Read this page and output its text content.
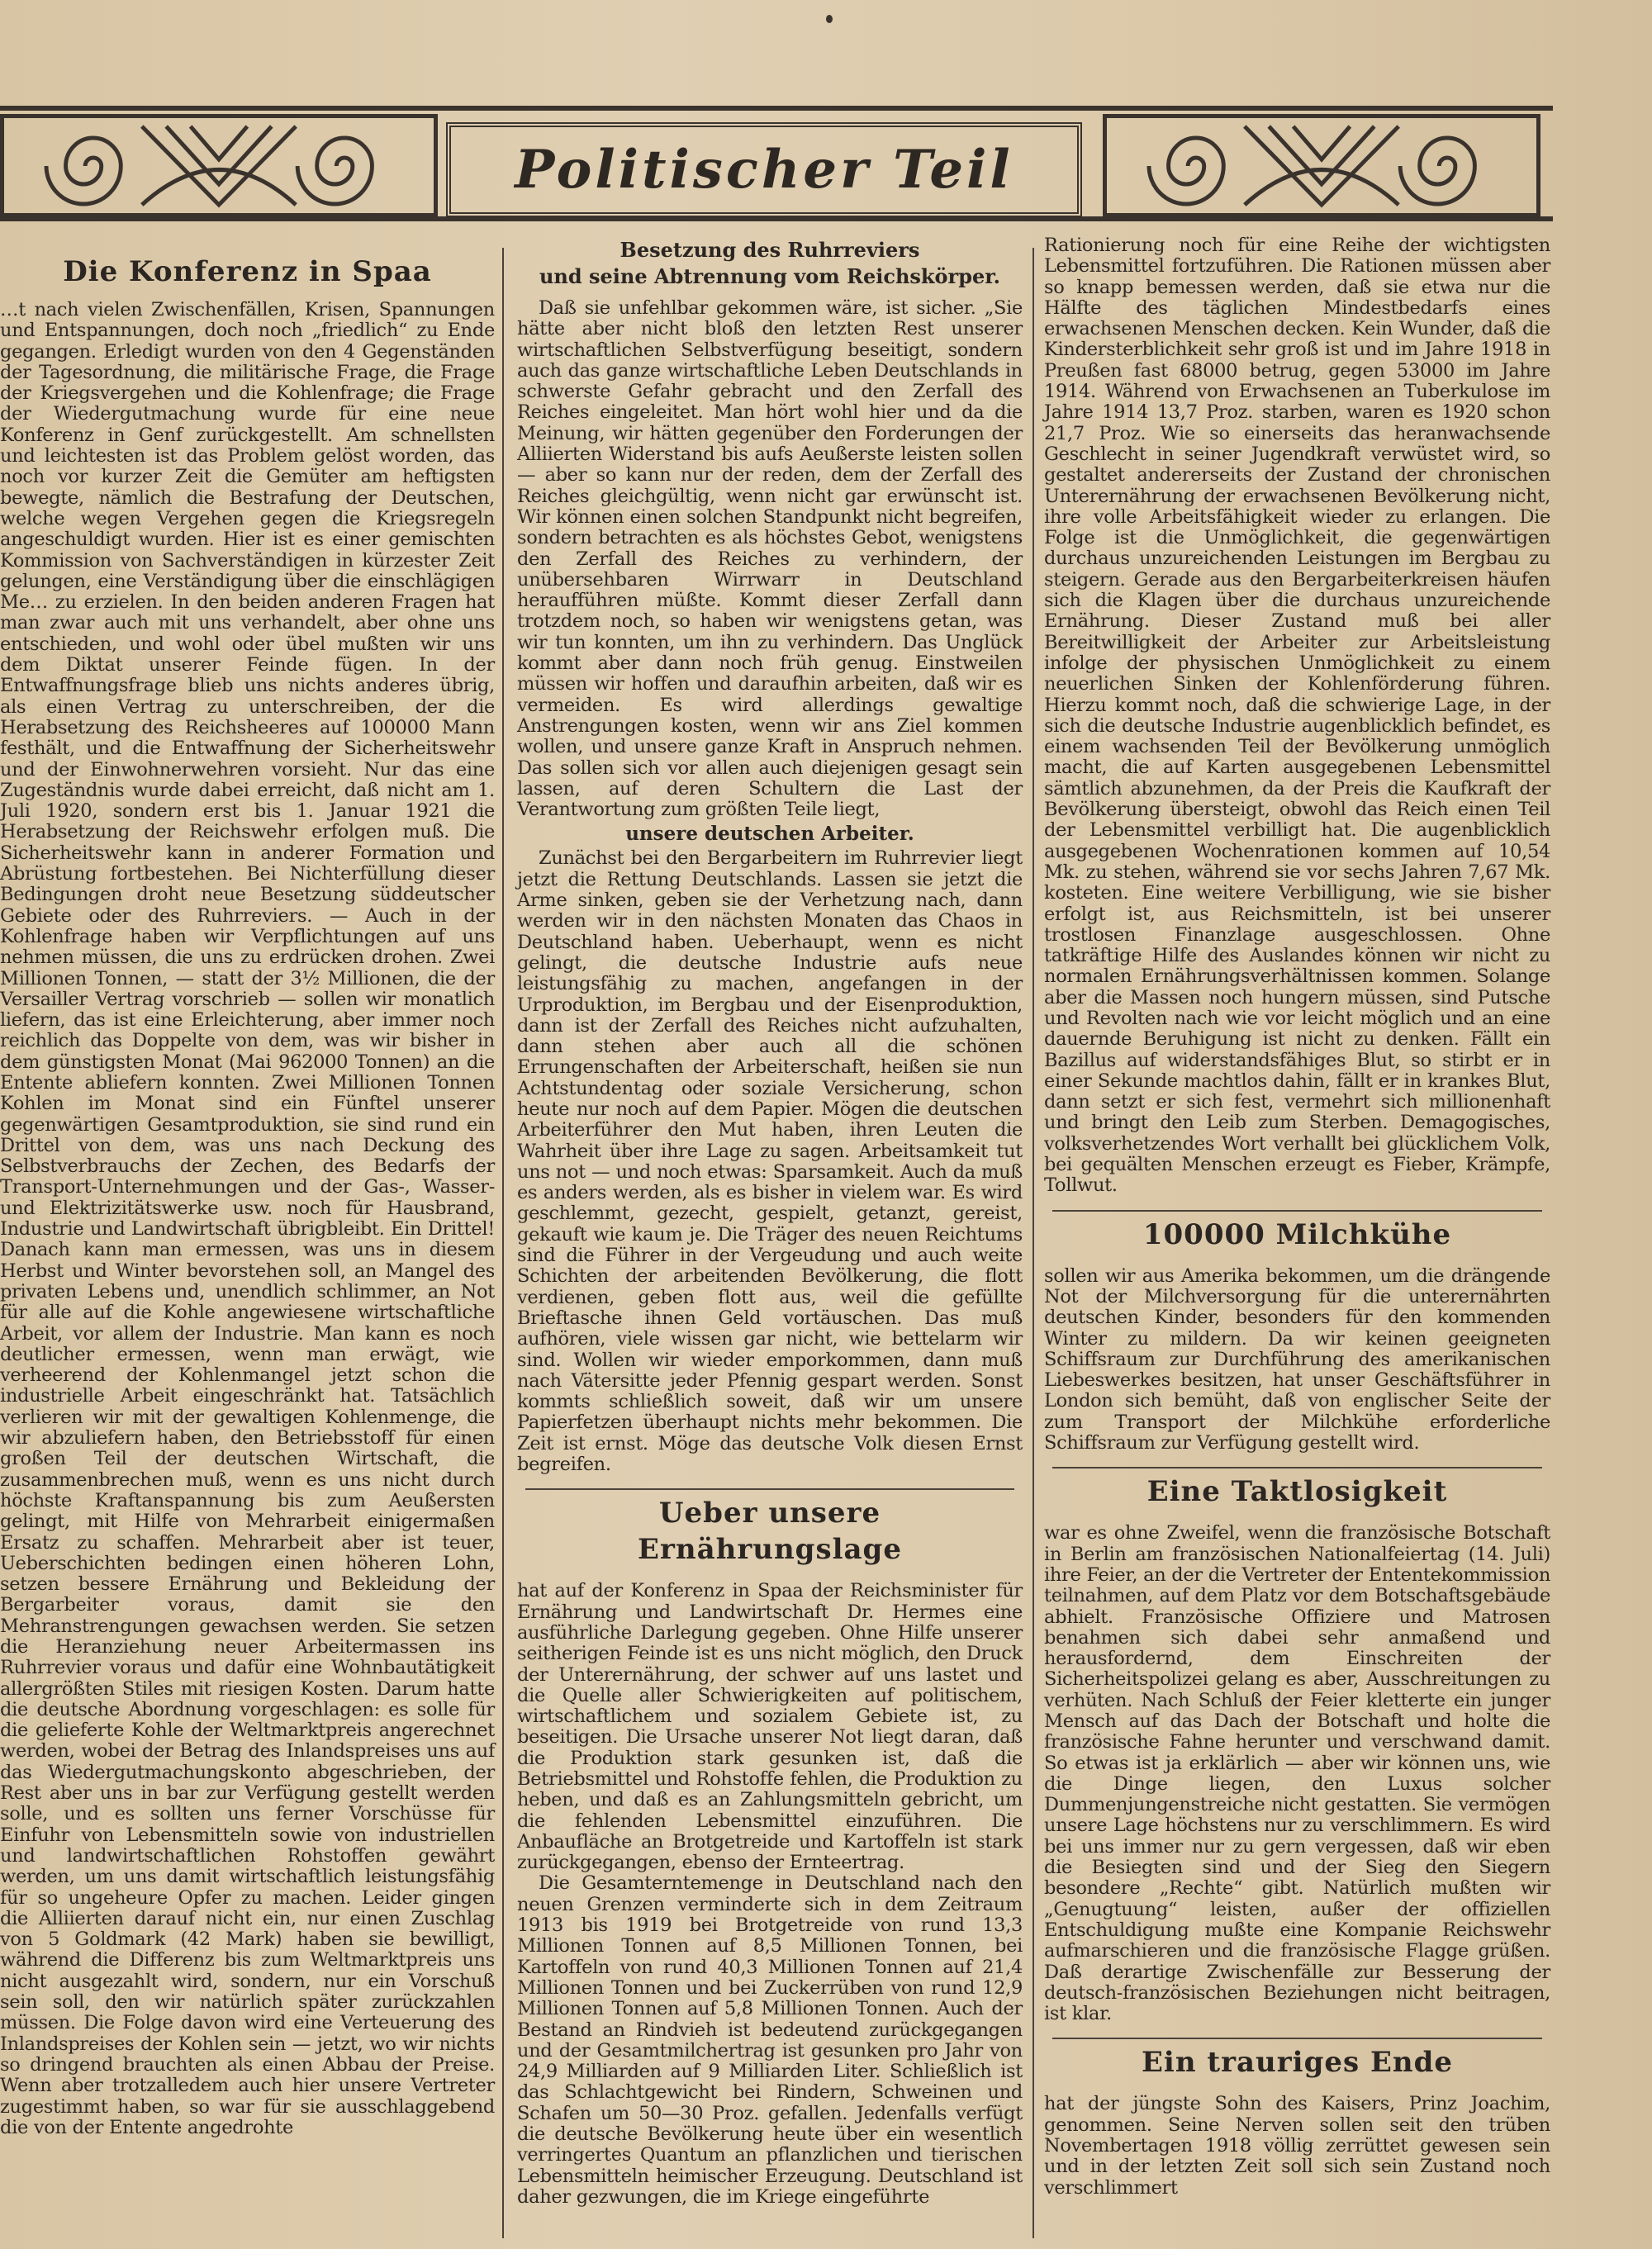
Politischer Teil
Die Konferenz in Spaa

…t nach vielen Zwischenfällen, Krisen, Spannungen und Entspannungen, doch noch „friedlich“ zu Ende gegangen. Erledigt wurden von den 4 Gegenständen der Tagesordnung, die militärische Frage, die Frage der Kriegsvergehen und die Kohlenfrage; die Frage der Wiedergutmachung wurde für eine neue Konferenz in Genf zurückgestellt. Am schnellsten und leichtesten ist das Problem gelöst worden, das noch vor kurzer Zeit die Gemüter am heftigsten bewegte, nämlich die Bestrafung der Deutschen, welche wegen Vergehen gegen die Kriegsregeln angeschuldigt wurden. Hier ist es einer gemischten Kommission von Sachverständigen in kürzester Zeit gelungen, eine Verständigung über die einschlägigen Me… zu erzielen. In den beiden anderen Fragen hat man zwar auch mit uns verhandelt, aber ohne uns entschieden, und wohl oder übel mußten wir uns dem Diktat unserer Feinde fügen. In der Entwaffnungsfrage blieb uns nichts anderes übrig, als einen Vertrag zu unterschreiben, der die Herabsetzung des Reichsheeres auf 100000 Mann festhält, und die Entwaffnung der Sicherheitswehr und der Einwohnerwehren vorsieht. Nur das eine Zugeständnis wurde dabei erreicht, daß nicht am 1. Juli 1920, sondern erst bis 1. Januar 1921 die Herabsetzung der Reichswehr erfolgen muß. Die Sicherheitswehr kann in anderer Formation und Abrüstung fortbestehen. Bei Nichterfüllung dieser Bedingungen droht neue Besetzung süddeutscher Gebiete oder des Ruhrreviers. — Auch in der Kohlenfrage haben wir Verpflichtungen auf uns nehmen müssen, die uns zu erdrücken drohen. Zwei Millionen Tonnen, — statt der 3½ Millionen, die der Versailler Vertrag vorschrieb — sollen wir monatlich liefern, das ist eine Erleichterung, aber immer noch reichlich das Doppelte von dem, was wir bisher in dem günstigsten Monat (Mai 962000 Tonnen) an die Entente abliefern konnten. Zwei Millionen Tonnen Kohlen im Monat sind ein Fünftel unserer gegenwärtigen Gesamtproduktion, sie sind rund ein Drittel von dem, was uns nach Deckung des Selbstverbrauchs der Zechen, des Bedarfs der Transport-Unternehmungen und der Gas-, Wasser- und Elektrizitätswerke usw. noch für Hausbrand, Industrie und Landwirtschaft übrigbleibt. Ein Drittel! Danach kann man ermessen, was uns in diesem Herbst und Winter bevorstehen soll, an Mangel des privaten Lebens und, unendlich schlimmer, an Not für alle auf die Kohle angewiesene wirtschaftliche Arbeit, vor allem der Industrie. Man kann es noch deutlicher ermessen, wenn man erwägt, wie verheerend der Kohlenmangel jetzt schon die industrielle Arbeit eingeschränkt hat. Tatsächlich verlieren wir mit der gewaltigen Kohlenmenge, die wir abzuliefern haben, den Betriebsstoff für einen großen Teil der deutschen Wirtschaft, die zusammenbrechen muß, wenn es uns nicht durch höchste Kraftanspannung bis zum Aeußersten gelingt, mit Hilfe von Mehrarbeit einigermaßen Ersatz zu schaffen. Mehrarbeit aber ist teuer, Ueberschichten bedingen einen höheren Lohn, setzen bessere Ernährung und Bekleidung der Bergarbeiter voraus, damit sie den Mehranstrengungen gewachsen werden. Sie setzen die Heranziehung neuer Arbeitermassen ins Ruhrrevier voraus und dafür eine Wohnbautätigkeit allergrößten Stiles mit riesigen Kosten. Darum hatte die deutsche Abordnung vorgeschlagen: es solle für die gelieferte Kohle der Weltmarktpreis angerechnet werden, wobei der Betrag des Inlandspreises uns auf das Wiedergutmachungskonto abgeschrieben, der Rest aber uns in bar zur Verfügung gestellt werden solle, und es sollten uns ferner Vorschüsse für Einfuhr von Lebensmitteln sowie von industriellen und landwirtschaftlichen Rohstoffen gewährt werden, um uns damit wirtschaftlich leistungsfähig für so ungeheure Opfer zu machen. Leider gingen die Alliierten darauf nicht ein, nur einen Zuschlag von 5 Goldmark (42 Mark) haben sie bewilligt, während die Differenz bis zum Weltmarktpreis uns nicht ausgezahlt wird, sondern, nur ein Vorschuß sein soll, den wir natürlich später zurückzahlen müssen. Die Folge davon wird eine Verteuerung des Inlandspreises der Kohlen sein — jetzt, wo wir nichts so dringend brauchten als einen Abbau der Preise. Wenn aber trotzalledem auch hier unsere Vertreter zugestimmt haben, so war für sie ausschlaggebend die von der Entente angedrohte

Besetzung des Ruhrreviers
und seine Abtrennung vom Reichskörper.

Daß sie unfehlbar gekommen wäre, ist sicher. „Sie hätte aber nicht bloß den letzten Rest unserer wirtschaftlichen Selbstverfügung beseitigt, sondern auch das ganze wirtschaftliche Leben Deutschlands in schwerste Gefahr gebracht und den Zerfall des Reiches eingeleitet. Man hört wohl hier und da die Meinung, wir hätten gegenüber den Forderungen der Alliierten Widerstand bis aufs Aeußerste leisten sollen — aber so kann nur der reden, dem der Zerfall des Reiches gleichgültig, wenn nicht gar erwünscht ist. Wir können einen solchen Standpunkt nicht begreifen, sondern betrachten es als höchstes Gebot, wenigstens den Zerfall des Reiches zu verhindern, der unübersehbaren Wirrwarr in Deutschland heraufführen müßte. Kommt dieser Zerfall dann trotzdem noch, so haben wir wenigstens getan, was wir tun konnten, um ihn zu verhindern. Das Unglück kommt aber dann noch früh genug. Einstweilen müssen wir hoffen und daraufhin arbeiten, daß wir es vermeiden. Es wird allerdings gewaltige Anstrengungen kosten, wenn wir ans Ziel kommen wollen, und unsere ganze Kraft in Anspruch nehmen. Das sollen sich vor allen auch diejenigen gesagt sein lassen, auf deren Schultern die Last der Verantwortung zum größten Teile liegt,

unsere deutschen Arbeiter.

Zunächst bei den Bergarbeitern im Ruhrrevier liegt jetzt die Rettung Deutschlands. Lassen sie jetzt die Arme sinken, geben sie der Verhetzung nach, dann werden wir in den nächsten Monaten das Chaos in Deutschland haben. Ueberhaupt, wenn es nicht gelingt, die deutsche Industrie aufs neue leistungsfähig zu machen, angefangen in der Urproduktion, im Bergbau und der Eisenproduktion, dann ist der Zerfall des Reiches nicht aufzuhalten, dann stehen aber auch all die schönen Errungenschaften der Arbeiterschaft, heißen sie nun Achtstundentag oder soziale Versicherung, schon heute nur noch auf dem Papier. Mögen die deutschen Arbeiterführer den Mut haben, ihren Leuten die Wahrheit über ihre Lage zu sagen. Arbeitsamkeit tut uns not — und noch etwas: Sparsamkeit. Auch da muß es anders werden, als es bisher in vielem war. Es wird geschlemmt, gezecht, gespielt, getanzt, gereist, gekauft wie kaum je. Die Träger des neuen Reichtums sind die Führer in der Vergeudung und auch weite Schichten der arbeitenden Bevölkerung, die flott verdienen, geben flott aus, weil die gefüllte Brieftasche ihnen Geld vortäuschen. Das muß aufhören, viele wissen gar nicht, wie bettelarm wir sind. Wollen wir wieder emporkommen, dann muß nach Vätersitte jeder Pfennig gespart werden. Sonst kommts schließlich soweit, daß wir um unsere Papierfetzen überhaupt nichts mehr bekommen. Die Zeit ist ernst. Möge das deutsche Volk diesen Ernst begreifen.

Ueber unsere Ernährungslage

hat auf der Konferenz in Spaa der Reichsminister für Ernährung und Landwirtschaft Dr. Hermes eine ausführliche Darlegung gegeben. Ohne Hilfe unserer seitherigen Feinde ist es uns nicht möglich, den Druck der Unterernährung, der schwer auf uns lastet und die Quelle aller Schwierigkeiten auf politischem, wirtschaftlichem und sozialem Gebiete ist, zu beseitigen. Die Ursache unserer Not liegt daran, daß die Produktion stark gesunken ist, daß die Betriebsmittel und Rohstoffe fehlen, die Produktion zu heben, und daß es an Zahlungsmitteln gebricht, um die fehlenden Lebensmittel einzuführen. Die Anbaufläche an Brotgetreide und Kartoffeln ist stark zurückgegangen, ebenso der Ernteertrag.

Die Gesamterntemenge in Deutschland nach den neuen Grenzen verminderte sich in dem Zeitraum 1913 bis 1919 bei Brotgetreide von rund 13,3 Millionen Tonnen auf 8,5 Millionen Tonnen, bei Kartoffeln von rund 40,3 Millionen Tonnen auf 21,4 Millionen Tonnen und bei Zuckerrüben von rund 12,9 Millionen Tonnen auf 5,8 Millionen Tonnen. Auch der Bestand an Rindvieh ist bedeutend zurückgegangen und der Gesamtmilchertrag ist gesunken pro Jahr von 24,9 Milliarden auf 9 Milliarden Liter. Schließlich ist das Schlachtgewicht bei Rindern, Schweinen und Schafen um 50—30 Proz. gefallen. Jedenfalls verfügt die deutsche Bevölkerung heute über ein wesentlich verringertes Quantum an pflanzlichen und tierischen Lebensmitteln heimischer Erzeugung. Deutschland ist daher gezwungen, die im Kriege eingeführte

Rationierung noch für eine Reihe der wichtigsten Lebensmittel fortzuführen. Die Rationen müssen aber so knapp bemessen werden, daß sie etwa nur die Hälfte des täglichen Mindestbedarfs eines erwachsenen Menschen decken. Kein Wunder, daß die Kindersterblichkeit sehr groß ist und im Jahre 1918 in Preußen fast 68000 betrug, gegen 53000 im Jahre 1914. Während von Erwachsenen an Tuberkulose im Jahre 1914 13,7 Proz. starben, waren es 1920 schon 21,7 Proz. Wie so einerseits das heranwachsende Geschlecht in seiner Jugendkraft verwüstet wird, so gestaltet andererseits der Zustand der chronischen Unterernährung der erwachsenen Bevölkerung nicht, ihre volle Arbeitsfähigkeit wieder zu erlangen. Die Folge ist die Unmöglichkeit, die gegenwärtigen durchaus unzureichenden Leistungen im Bergbau zu steigern. Gerade aus den Bergarbeiterkreisen häufen sich die Klagen über die durchaus unzureichende Ernährung. Dieser Zustand muß bei aller Bereitwilligkeit der Arbeiter zur Arbeitsleistung infolge der physischen Unmöglichkeit zu einem neuerlichen Sinken der Kohlenförderung führen. Hierzu kommt noch, daß die schwierige Lage, in der sich die deutsche Industrie augenblicklich befindet, es einem wachsenden Teil der Bevölkerung unmöglich macht, die auf Karten ausgegebenen Lebensmittel sämtlich abzunehmen, da der Preis die Kaufkraft der Bevölkerung übersteigt, obwohl das Reich einen Teil der Lebensmittel verbilligt hat. Die augenblicklich ausgegebenen Wochenrationen kommen auf 10,54 Mk. zu stehen, während sie vor sechs Jahren 7,67 Mk. kosteten. Eine weitere Verbilligung, wie sie bisher erfolgt ist, aus Reichsmitteln, ist bei unserer trostlosen Finanzlage ausgeschlossen. Ohne tatkräftige Hilfe des Auslandes können wir nicht zu normalen Ernährungsverhältnissen kommen. Solange aber die Massen noch hungern müssen, sind Putsche und Revolten nach wie vor leicht möglich und an eine dauernde Beruhigung ist nicht zu denken. Fällt ein Bazillus auf widerstandsfähiges Blut, so stirbt er in einer Sekunde machtlos dahin, fällt er in krankes Blut, dann setzt er sich fest, vermehrt sich millionenhaft und bringt den Leib zum Sterben. Demagogisches, volksverhetzendes Wort verhallt bei glücklichem Volk, bei gequälten Menschen erzeugt es Fieber, Krämpfe, Tollwut.

100000 Milchkühe

sollen wir aus Amerika bekommen, um die drängende Not der Milchversorgung für die unterernährten deutschen Kinder, besonders für den kommenden Winter zu mildern. Da wir keinen geeigneten Schiffsraum zur Durchführung des amerikanischen Liebeswerkes besitzen, hat unser Geschäftsführer in London sich bemüht, daß von englischer Seite der zum Transport der Milchkühe erforderliche Schiffsraum zur Verfügung gestellt wird.

Eine Taktlosigkeit

war es ohne Zweifel, wenn die französische Botschaft in Berlin am französischen Nationalfeiertag (14. Juli) ihre Feier, an der die Vertreter der Ententekommission teilnahmen, auf dem Platz vor dem Botschaftsgebäude abhielt. Französische Offiziere und Matrosen benahmen sich dabei sehr anmaßend und herausfordernd, dem Einschreiten der Sicherheitspolizei gelang es aber, Ausschreitungen zu verhüten. Nach Schluß der Feier kletterte ein junger Mensch auf das Dach der Botschaft und holte die französische Fahne herunter und verschwand damit. So etwas ist ja erklärlich — aber wir können uns, wie die Dinge liegen, den Luxus solcher Dummenjungenstreiche nicht gestatten. Sie vermögen unsere Lage höchstens nur zu verschlimmern. Es wird bei uns immer nur zu gern vergessen, daß wir eben die Besiegten sind und der Sieg den Siegern besondere „Rechte“ gibt. Natürlich mußten wir „Genugtuung“ leisten, außer der offiziellen Entschuldigung mußte eine Kompanie Reichswehr aufmarschieren und die französische Flagge grüßen. Daß derartige Zwischenfälle zur Besserung der deutsch-französischen Beziehungen nicht beitragen, ist klar.

Ein trauriges Ende

hat der jüngste Sohn des Kaisers, Prinz Joachim, genommen. Seine Nerven sollen seit den trüben Novembertagen 1918 völlig zerrüttet gewesen sein und in der letzten Zeit soll sich sein Zustand noch verschlimmert
